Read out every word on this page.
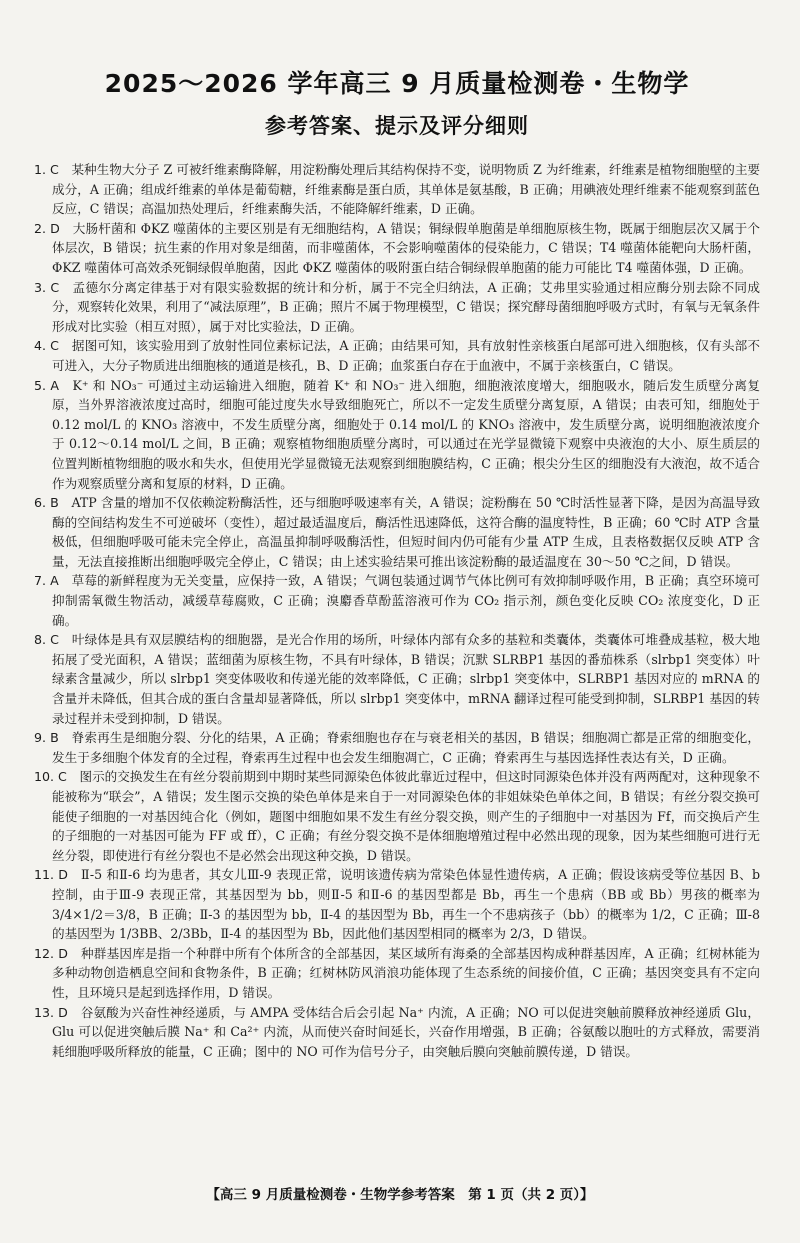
2025～2026 学年高三 9 月质量检测卷・生物学
参考答案、提示及评分细则

1. C　 某种生物大分子 Z 可被纤维素酶降解，用淀粉酶处理后其结构保持不变，说明物质 Z 为纤维素，纤维素是植物细胞壁的主要成分，A 正确；组成纤维素的单体是葡萄糖，纤维素酶是蛋白质，其单体是氨基酸，B 正确；用碘液处理纤维素不能观察到蓝色反应，C 错误；高温加热处理后，纤维素酶失活，不能降解纤维素，D 正确。

2. D　 大肠杆菌和 ΦKZ 噬菌体的主要区别是有无细胞结构，A 错误；铜绿假单胞菌是单细胞原核生物，既属于细胞层次又属于个体层次，B 错误；抗生素的作用对象是细菌，而非噬菌体，不会影响噬菌体的侵染能力，C 错误；T4 噬菌体能靶向大肠杆菌，ΦKZ 噬菌体可高效杀死铜绿假单胞菌，因此 ΦKZ 噬菌体的吸附蛋白结合铜绿假单胞菌的能力可能比 T4 噬菌体强，D 正确。

3. C　 孟德尔分离定律基于对有限实验数据的统计和分析，属于不完全归纳法，A 正确；艾弗里实验通过相应酶分别去除不同成分，观察转化效果，利用了“减法原理”，B 正确；照片不属于物理模型，C 错误；探究酵母菌细胞呼吸方式时，有氧与无氧条件形成对比实验（相互对照），属于对比实验法，D 正确。

4. C　 据图可知，该实验用到了放射性同位素标记法，A 正确；由结果可知，具有放射性亲核蛋白尾部可进入细胞核，仅有头部不可进入，大分子物质进出细胞核的通道是核孔，B、D 正确；血浆蛋白存在于血液中，不属于亲核蛋白，C 错误。

5. A　 K⁺ 和 NO₃⁻ 可通过主动运输进入细胞，随着 K⁺ 和 NO₃⁻ 进入细胞，细胞液浓度增大，细胞吸水，随后发生质壁分离复原，当外界溶液浓度过高时，细胞可能过度失水导致细胞死亡，所以不一定发生质壁分离复原，A 错误；由表可知，细胞处于 0.12 mol/L 的 KNO₃ 溶液中，不发生质壁分离，细胞处于 0.14 mol/L 的 KNO₃ 溶液中，发生质壁分离，说明细胞液浓度介于 0.12～0.14 mol/L 之间，B 正确；观察植物细胞质壁分离时，可以通过在光学显微镜下观察中央液泡的大小、原生质层的位置判断植物细胞的吸水和失水，但使用光学显微镜无法观察到细胞膜结构，C 正确；根尖分生区的细胞没有大液泡，故不适合作为观察质壁分离和复原的材料，D 正确。

6. B　 ATP 含量的增加不仅依赖淀粉酶活性，还与细胞呼吸速率有关，A 错误；淀粉酶在 50 ℃时活性显著下降，是因为高温导致酶的空间结构发生不可逆破坏（变性），超过最适温度后，酶活性迅速降低，这符合酶的温度特性，B 正确；60 ℃时 ATP 含量极低，但细胞呼吸可能未完全停止，高温虽抑制呼吸酶活性，但短时间内仍可能有少量 ATP 生成，且表格数据仅反映 ATP 含量，无法直接推断出细胞呼吸完全停止，C 错误；由上述实验结果可推出该淀粉酶的最适温度在 30～50 ℃之间，D 错误。

7. A　 草莓的新鲜程度为无关变量，应保持一致，A 错误；气调包装通过调节气体比例可有效抑制呼吸作用，B 正确；真空环境可抑制需氧微生物活动，减缓草莓腐败，C 正确；溴麝香草酚蓝溶液可作为 CO₂ 指示剂，颜色变化反映 CO₂ 浓度变化，D 正确。

8. C　 叶绿体是具有双层膜结构的细胞器，是光合作用的场所，叶绿体内部有众多的基粒和类囊体，类囊体可堆叠成基粒，极大地拓展了受光面积，A 错误；蓝细菌为原核生物，不具有叶绿体，B 错误；沉默 SLRBP1 基因的番茄株系（slrbp1 突变体）叶绿素含量减少，所以 slrbp1 突变体吸收和传递光能的效率降低，C 正确；slrbp1 突变体中，SLRBP1 基因对应的 mRNA 的含量并未降低，但其合成的蛋白含量却显著降低，所以 slrbp1 突变体中，mRNA 翻译过程可能受到抑制，SLRBP1 基因的转录过程并未受到抑制，D 错误。

9. B　 脊索再生是细胞分裂、分化的结果，A 正确；脊索细胞也存在与衰老相关的基因，B 错误；细胞凋亡都是正常的细胞变化，发生于多细胞个体发育的全过程，脊索再生过程中也会发生细胞凋亡，C 正确；脊索再生与基因选择性表达有关，D 正确。

10. C　 图示的交换发生在有丝分裂前期到中期时某些同源染色体彼此靠近过程中，但这时同源染色体并没有两两配对，这种现象不能被称为“联会”，A 错误；发生图示交换的染色单体是来自于一对同源染色体的非姐妹染色单体之间，B 错误；有丝分裂交换可能使子细胞的一对基因纯合化（例如，题图中细胞如果不发生有丝分裂交换，则产生的子细胞中一对基因为 Ff，而交换后产生的子细胞的一对基因可能为 FF 或 ff），C 正确；有丝分裂交换不是体细胞增殖过程中必然出现的现象，因为某些细胞可进行无丝分裂，即使进行有丝分裂也不是必然会出现这种交换，D 错误。

11. D　 Ⅱ-5 和Ⅱ-6 均为患者，其女儿Ⅲ-9 表现正常，说明该遗传病为常染色体显性遗传病，A 正确；假设该病受等位基因 B、b 控制，由于Ⅲ-9 表现正常，其基因型为 bb，则Ⅱ-5 和Ⅱ-6 的基因型都是 Bb，再生一个患病（BB 或 Bb）男孩的概率为 3/4×1/2＝3/8，B 正确；Ⅱ-3 的基因型为 bb，Ⅱ-4 的基因型为 Bb，再生一个不患病孩子（bb）的概率为 1/2，C 正确；Ⅲ-8 的基因型为 1/3BB、2/3Bb，Ⅱ-4 的基因型为 Bb，因此他们基因型相同的概率为 2/3，D 错误。

12. D　 种群基因库是指一个种群中所有个体所含的全部基因，某区域所有海桑的全部基因构成种群基因库，A 正确；红树林能为多种动物创造栖息空间和食物条件，B 正确；红树林防风消浪功能体现了生态系统的间接价值，C 正确；基因突变具有不定向性，且环境只是起到选择作用，D 错误。

13. D　 谷氨酸为兴奋性神经递质，与 AMPA 受体结合后会引起 Na⁺ 内流，A 正确；NO 可以促进突触前膜释放神经递质 Glu，Glu 可以促进突触后膜 Na⁺ 和 Ca²⁺ 内流，从而使兴奋时间延长，兴奋作用增强，B 正确；谷氨酸以胞吐的方式释放，需要消耗细胞呼吸所释放的能量，C 正确；图中的 NO 可作为信号分子，由突触后膜向突触前膜传递，D 错误。

【高三 9 月质量检测卷・生物学参考答案　第 1 页（共 2 页）】
